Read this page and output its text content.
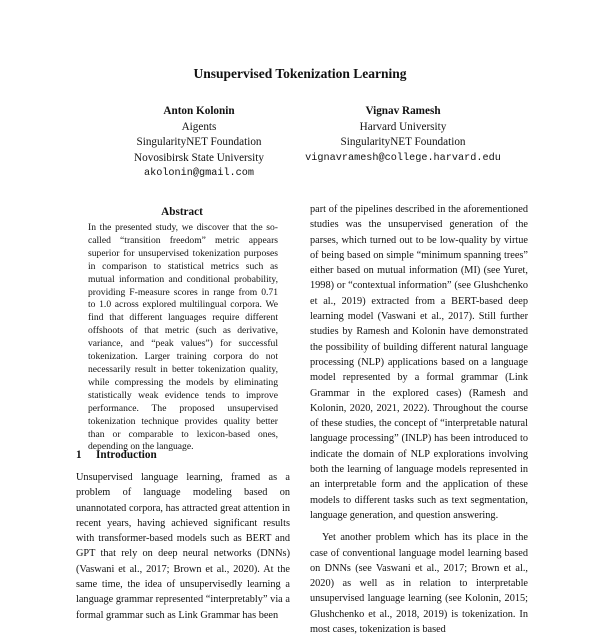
Unsupervised Tokenization Learning
Anton Kolonin
Aigents
SingularityNET Foundation
Novosibirsk State University
akolonin@gmail.com
Vignav Ramesh
Harvard University
SingularityNET Foundation
vignavramesh@college.harvard.edu
Abstract
In the presented study, we discover that the so-called “transition freedom” metric appears superior for unsupervised tokenization purposes in comparison to statistical metrics such as mutual information and conditional probability, providing F-measure scores in range from 0.71 to 1.0 across explored multilingual corpora. We find that different languages require different offshoots of that metric (such as derivative, variance, and “peak values”) for successful tokenization. Larger training corpora do not necessarily result in better tokenization quality, while compressing the models by eliminating statistically weak evidence tends to improve performance. The proposed unsupervised tokenization technique provides quality better than or comparable to lexicon-based ones, depending on the language.
1 Introduction
Unsupervised language learning, framed as a problem of language modeling based on unannotated corpora, has attracted great attention in recent years, having achieved significant results with transformer-based models such as BERT and GPT that rely on deep neural networks (DNNs) (Vaswani et al., 2017; Brown et al., 2020). At the same time, the idea of unsupervisedly learning a language grammar represented “interpretably” via a formal grammar such as Link Grammar has been

part of the pipelines described in the aforementioned studies was the unsupervised generation of the parses, which turned out to be low-quality by virtue of being based on simple “minimum spanning trees” either based on mutual information (MI) (see Yuret, 1998) or “contextual information” (see Glushchenko et al., 2019) extracted from a BERT-based deep learning model (Vaswani et al., 2017). Still further studies by Ramesh and Kolonin have demonstrated the possibility of building different natural language processing (NLP) applications based on a language model represented by a formal grammar (Link Grammar in the explored cases) (Ramesh and Kolonin, 2020, 2021, 2022). Throughout the course of these studies, the concept of “interpretable natural language processing” (INLP) has been introduced to indicate the domain of NLP explorations involving both the learning of language models represented in an interpretable form and the application of these models to different tasks such as text segmentation, language generation, and question answering.

Yet another problem which has its place in the case of conventional language model learning based on DNNs (see Vaswani et al., 2017; Brown et al., 2020) as well as in relation to interpretable unsupervised language learning (see Kolonin, 2015; Glushchenko et al., 2018, 2019) is tokenization. In most cases, tokenization is based
